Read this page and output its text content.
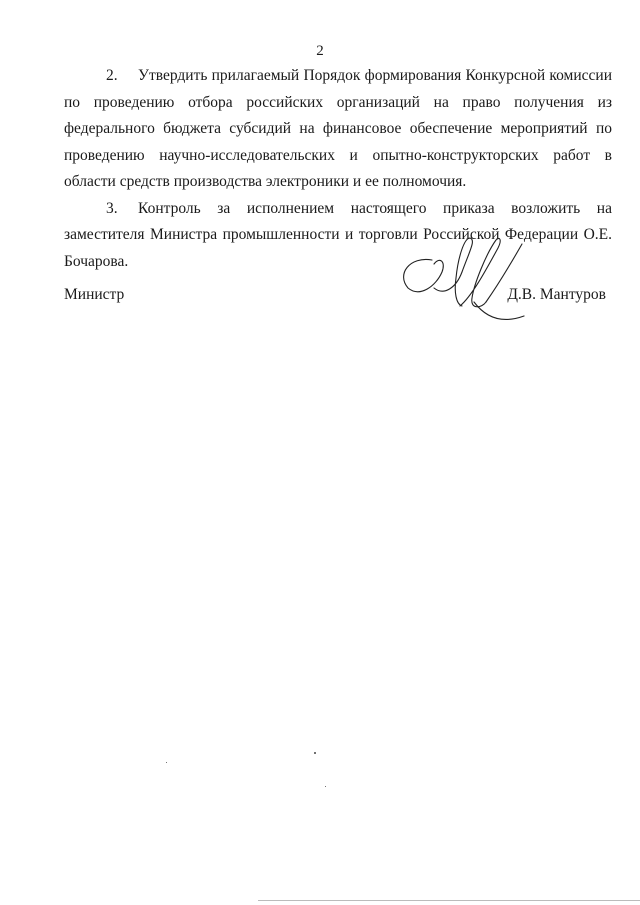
2

2. Утвердить прилагаемый Порядок формирования Конкурсной комиссии по проведению отбора российских организаций на право получения из федерального бюджета субсидий на финансовое обеспечение мероприятий по проведению научно-исследовательских и опытно-конструкторских работ в области средств производства электроники и ее полномочия.

3. Контроль за исполнением настоящего приказа возложить на заместителя Министра промышленности и торговли Российской Федерации О.Е. Бочарова.

Министр	Д.В. Мантуров
